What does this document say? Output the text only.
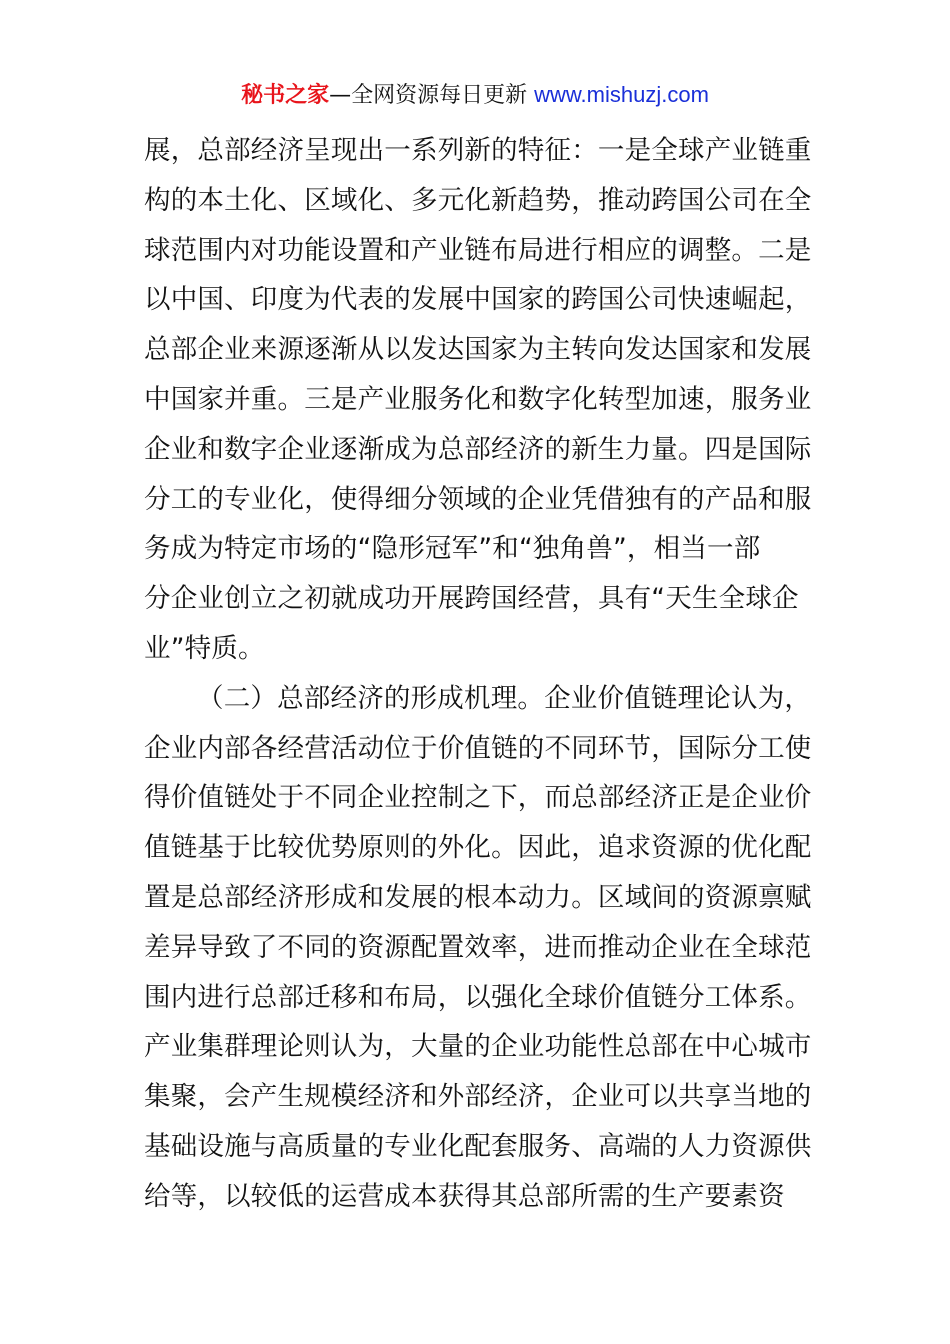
秘书之家—全网资源每日更新 www.mishuzj.com
展，总部经济呈现出一系列新的特征：一是全球产业链重
构的本土化、区域化、多元化新趋势，推动跨国公司在全
球范围内对功能设置和产业链布局进行相应的调整。二是
以中国、印度为代表的发展中国家的跨国公司快速崛起，
总部企业来源逐渐从以发达国家为主转向发达国家和发展
中国家并重。三是产业服务化和数字化转型加速，服务业
企业和数字企业逐渐成为总部经济的新生力量。四是国际
分工的专业化，使得细分领域的企业凭借独有的产品和服
务成为特定市场的“隐形冠军”和“独角兽”，相当一部
分企业创立之初就成功开展跨国经营，具有“天生全球企
业”特质。
（二）总部经济的形成机理。企业价值链理论认为，
企业内部各经营活动位于价值链的不同环节，国际分工使
得价值链处于不同企业控制之下，而总部经济正是企业价
值链基于比较优势原则的外化。因此，追求资源的优化配
置是总部经济形成和发展的根本动力。区域间的资源禀赋
差异导致了不同的资源配置效率，进而推动企业在全球范
围内进行总部迁移和布局，以强化全球价值链分工体系。
产业集群理论则认为，大量的企业功能性总部在中心城市
集聚，会产生规模经济和外部经济，企业可以共享当地的
基础设施与高质量的专业化配套服务、高端的人力资源供
给等，以较低的运营成本获得其总部所需的生产要素资
